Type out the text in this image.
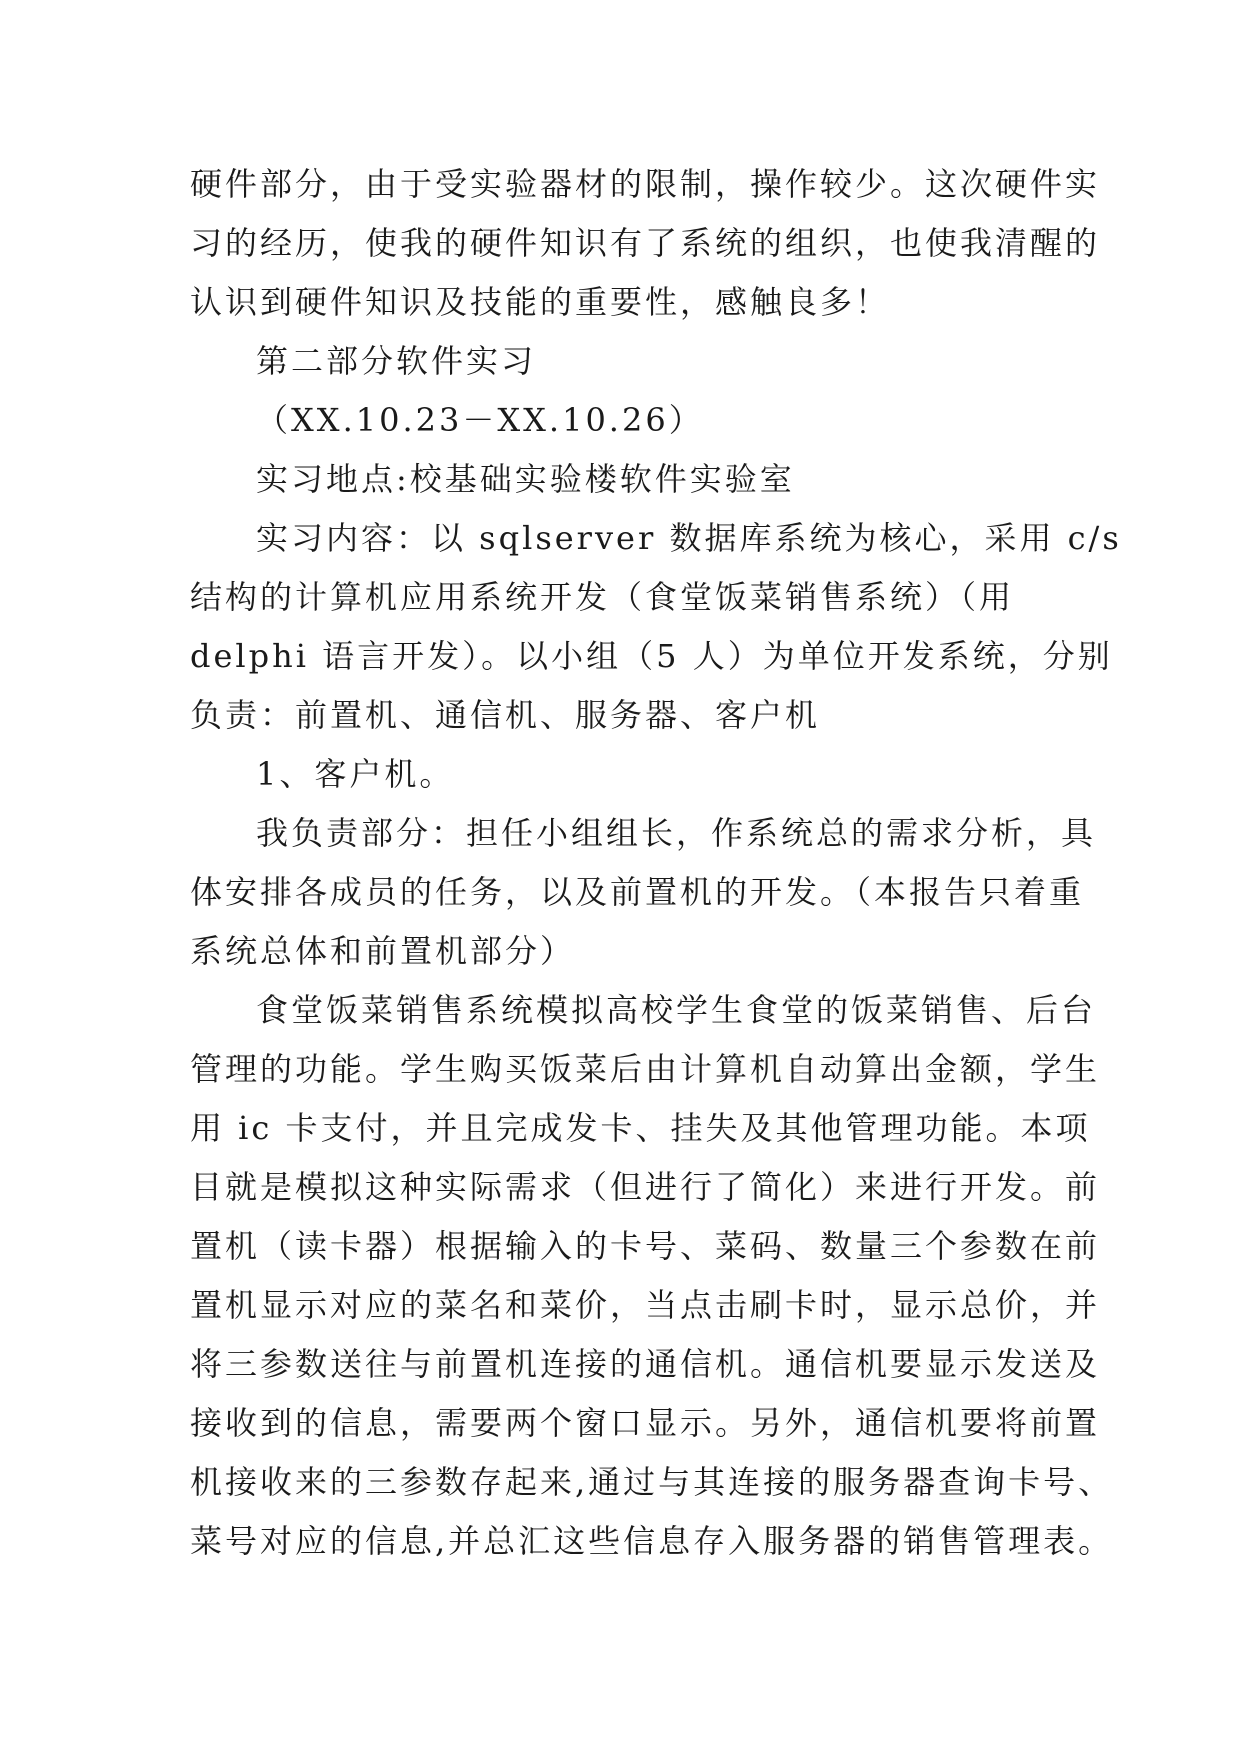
硬件部分，由于受实验器材的限制，操作较少。这次硬件实
习的经历，使我的硬件知识有了系统的组织，也使我清醒的
认识到硬件知识及技能的重要性，感触良多！
第二部分软件实习
（XX.10.23－XX.10.26）
实习地点:校基础实验楼软件实验室
实习内容：以 sqlserver 数据库系统为核心，采用 c/s
结构的计算机应用系统开发（食堂饭菜销售系统）（用
delphi 语言开发）。以小组（5 人）为单位开发系统，分别
负责：前置机、通信机、服务器、客户机
1、客户机。
我负责部分：担任小组组长，作系统总的需求分析，具
体安排各成员的任务，以及前置机的开发。（本报告只着重
系统总体和前置机部分）
食堂饭菜销售系统模拟高校学生食堂的饭菜销售、后台
管理的功能。学生购买饭菜后由计算机自动算出金额，学生
用 ic 卡支付，并且完成发卡、挂失及其他管理功能。本项
目就是模拟这种实际需求（但进行了简化）来进行开发。前
置机（读卡器）根据输入的卡号、菜码、数量三个参数在前
置机显示对应的菜名和菜价，当点击刷卡时，显示总价，并
将三参数送往与前置机连接的通信机。通信机要显示发送及
接收到的信息，需要两个窗口显示。另外，通信机要将前置
机接收来的三参数存起来,通过与其连接的服务器查询卡号、
菜号对应的信息,并总汇这些信息存入服务器的销售管理表。
